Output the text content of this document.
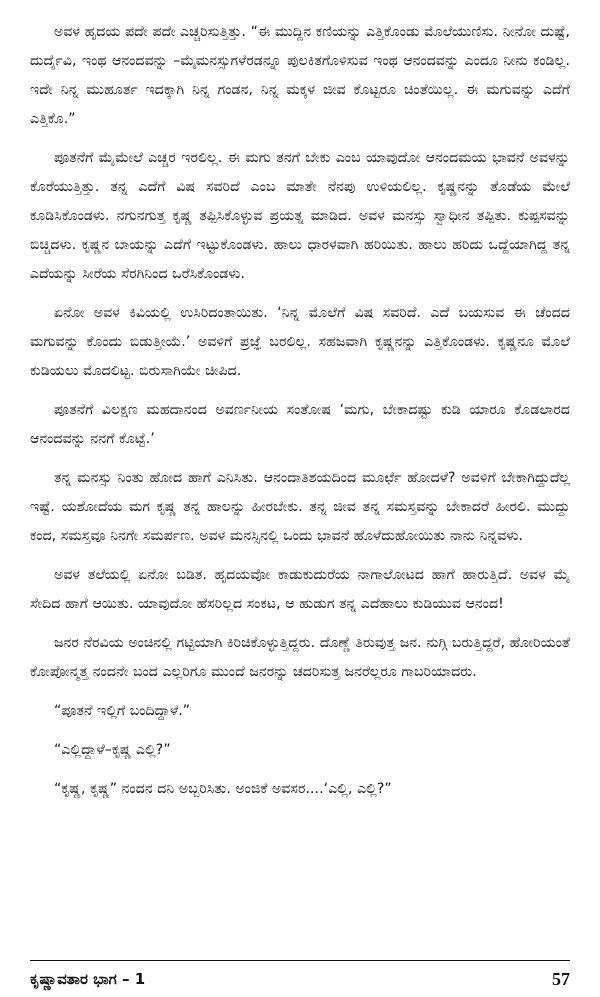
ಅವಳ ಹೃದಯ ಪದೇ ಪದೇ ಎಚ್ಚರಿಸುತ್ತಿತ್ತು. “ಈ ಮುದ್ದಿನ ಕಣಿಯನ್ನು ಎತ್ತಿಕೊಂಡು ಮೊಲೆಯುಣಿಸು. ನೀನೋ ದುಷ್ಟೆ, ದುರ್ದೈವಿ, ಇಂಥ ಆನಂದವನ್ನು –ಮೈಮನಸ್ಸುಗಳೆರಡನ್ನೂ ಪುಲಕಿತಗೊಳಿಸುವ ಇಂಥ ಆನಂದವನ್ನು ಎಂದೂ ನೀನು ಕಂಡಿಲ್ಲ. ಇದೇ ನಿನ್ನ ಮುಹೂರ್ತ ಇದಕ್ಕಾಗಿ ನಿನ್ನ ಗಂಡನ, ನಿನ್ನ ಮಕ್ಕಳ ಜೀವ ಕೊಟ್ಟರೂ ಚಿಂತೆಯಿಲ್ಲ. ಈ ಮಗುವನ್ನು ಎದೆಗೆ ಎತ್ತಿಕೊ.”

ಪೂತನೆಗೆ ಮೈಮೇಲೆ ಎಚ್ಚರ ಇರಲಿಲ್ಲ. ಈ ಮಗು ತನಗೆ ಬೇಕು ಎಂಬ ಯಾವುದೋ ಆನಂದಮಯ ಭಾವನೆ ಅವಳನ್ನು ಕೊರೆಯುತ್ತಿತ್ತು. ತನ್ನ ಎದೆಗೆ ವಿಷ ಸವರಿದೆ ಎಂಬ ಮಾತೇ ನೆನಪು ಉಳಿಯಲಿಲ್ಲ. ಕೃಷ್ಣನನ್ನು ತೊಡೆಯ ಮೇಲೆ ಕೂಡಿಸಿಕೊಂಡಳು. ನಗುನಗುತ್ತ ಕೃಷ್ಣ ತಪ್ಪಿಸಿಕೊಳ್ಳುವ ಪ್ರಯತ್ನ ಮಾಡಿದ. ಅವಳ ಮನಸ್ಸು ಸ್ವಾಧೀನ ತಪ್ಪಿತು. ಕುಪ್ಪಸವನ್ನು ಬಿಚ್ಚಿದಳು. ಕೃಷ್ಣನ ಬಾಯನ್ನು ಎದೆಗೆ ಇಟ್ಟುಕೊಂಡಳು. ಹಾಲು ಧಾರಳವಾಗಿ ಹರಿಯಿತು. ಹಾಲು ಹರಿದು ಒದ್ದೆಯಾಗಿದ್ದ ತನ್ನ ಎದೆಯನ್ನು ಸೀರೆಯ ಸೆರಗಿನಿಂದ ಒರೆಸಿಕೊಂಡಳು.

ಏನೋ ಅವಳ ಕಿವಿಯಲ್ಲಿ ಉಸಿರಿದಂತಾಯಿತು. ‘ನಿನ್ನ ಮೊಲೆಗೆ ವಿಷ ಸವರಿದೆ. ಎದೆ ಬಯಸುವ ಈ ಚೆಂದದ ಮಗುವನ್ನು ಕೊಂದು ಬಿಡುತ್ತೀಯೆ.’ ಅವಳಿಗೆ ಪ್ರಜ್ಞೆ ಬರಲಿಲ್ಲ. ಸಹಜವಾಗಿ ಕೃಷ್ಣನನ್ನು ಎತ್ತಿಕೊಂಡಳು. ಕೃಷ್ಣನೂ ಮೊಲೆ ಕುಡಿಯಲು ಮೊದಲಿಟ್ಟ. ಬಿರುಸಾಗಿಯೇ ಚೀಪಿದ.

ಪೂತನೆಗೆ ವಿಲಕ್ಷಣ ಮಹದಾನಂದ ಅವರ್ಣನೀಯ ಸಂತೋಷ ‘ಮಗು, ಬೇಕಾದಷ್ಟು ಕುಡಿ ಯಾರೂ ಕೊಡಲಾರದ ಆನಂದವನ್ನು ನನಗೆ ಕೊಟ್ಟೆ.’

ತನ್ನ ಮನಸ್ಸು ನಿಂತು ಹೋದ ಹಾಗೆ ಎನಿಸಿತು. ಆನಂದಾತಿಶಯದಿಂದ ಮೂರ್ಛೆ ಹೋದಳೆ? ಅವಳಿಗೆ ಬೇಕಾಗಿದ್ದುದೆಲ್ಲ ಇಷ್ಟೆ. ಯಶೋದೆಯ ಮಗ ಕೃಷ್ಣ ತನ್ನ ಹಾಲನ್ನು ಹೀರಬೇಕು. ತನ್ನ ಜೀವ ತನ್ನ ಸಮಸ್ತವನ್ನು ಬೇಕಾದರೆ ಹೀರಲಿ. ಮುದ್ದು ಕಂದ, ಸಮಸ್ತವೂ ನಿನಗೇ ಸಮರ್ಪಣ. ಅವಳ ಮನಸ್ಸಿನಲ್ಲಿ ಒಂದು ಭಾವನೆ ಹೊಳೆದುಹೋಯಿತು ನಾನು ನಿನ್ನವಳು.

ಅವಳ ತಲೆಯಲ್ಲಿ ಏನೋ ಬಡಿತ. ಹೃದಯವೋ ಕಾಡುಕುದುರೆಯ ನಾಗಾಲೋಟದ ಹಾಗೆ ಹಾರುತ್ತಿದೆ. ಅವಳ ಮೈ ಸೇದಿದ ಹಾಗೆ ಆಯಿತು. ಯಾವುದೋ ಹೆಸರಿಲ್ಲದ ಸಂಕಟ, ಆ ಹುಡುಗ ತನ್ನ ಎದೆಹಾಲು ಕುಡಿಯುವ ಆನಂದ!

ಜನರ ನೆರವಿಯ ಅಂಚಿನಲ್ಲಿ ಗಟ್ಟಿಯಾಗಿ ಕಿರಿಚಿಕೊಳ್ಳುತ್ತಿದ್ದರು. ದೊಣ್ಣೆ ತಿರುವುತ್ತ ಜನ. ನುಗ್ಗಿ ಬರುತ್ತಿದ್ದರೆ, ಹೋರಿಯಂತೆ ಕೋಪೋನ್ಮತ್ತ ನಂದನೇ ಬಂದ ಎಲ್ಲರಿಗೂ ಮುಂದೆ ಜನರನ್ನು ಚದರಿಸುತ್ತ ಜನರೆಲ್ಲರೂ ಗಾಬರಿಯಾದರು.

“ಪೂತನೆ ಇಲ್ಲಿಗೆ ಬಂದಿದ್ದಾಳೆ.”

“ಎಲ್ಲಿದ್ದಾಳೆ–ಕೃಷ್ಣ ಎಲ್ಲಿ?”

“ಕೃಷ್ಣ, ಕೃಷ್ಣ” ನಂದನ ದನಿ ಅಬ್ಬರಿಸಿತು. ಅಂಜಿಕೆ ಅವಸರ....‘ಎಲ್ಲಿ, ಎಲ್ಲಿ?”

ಕೃಷ್ಣಾವತಾರ ಭಾಗ – 1	57
